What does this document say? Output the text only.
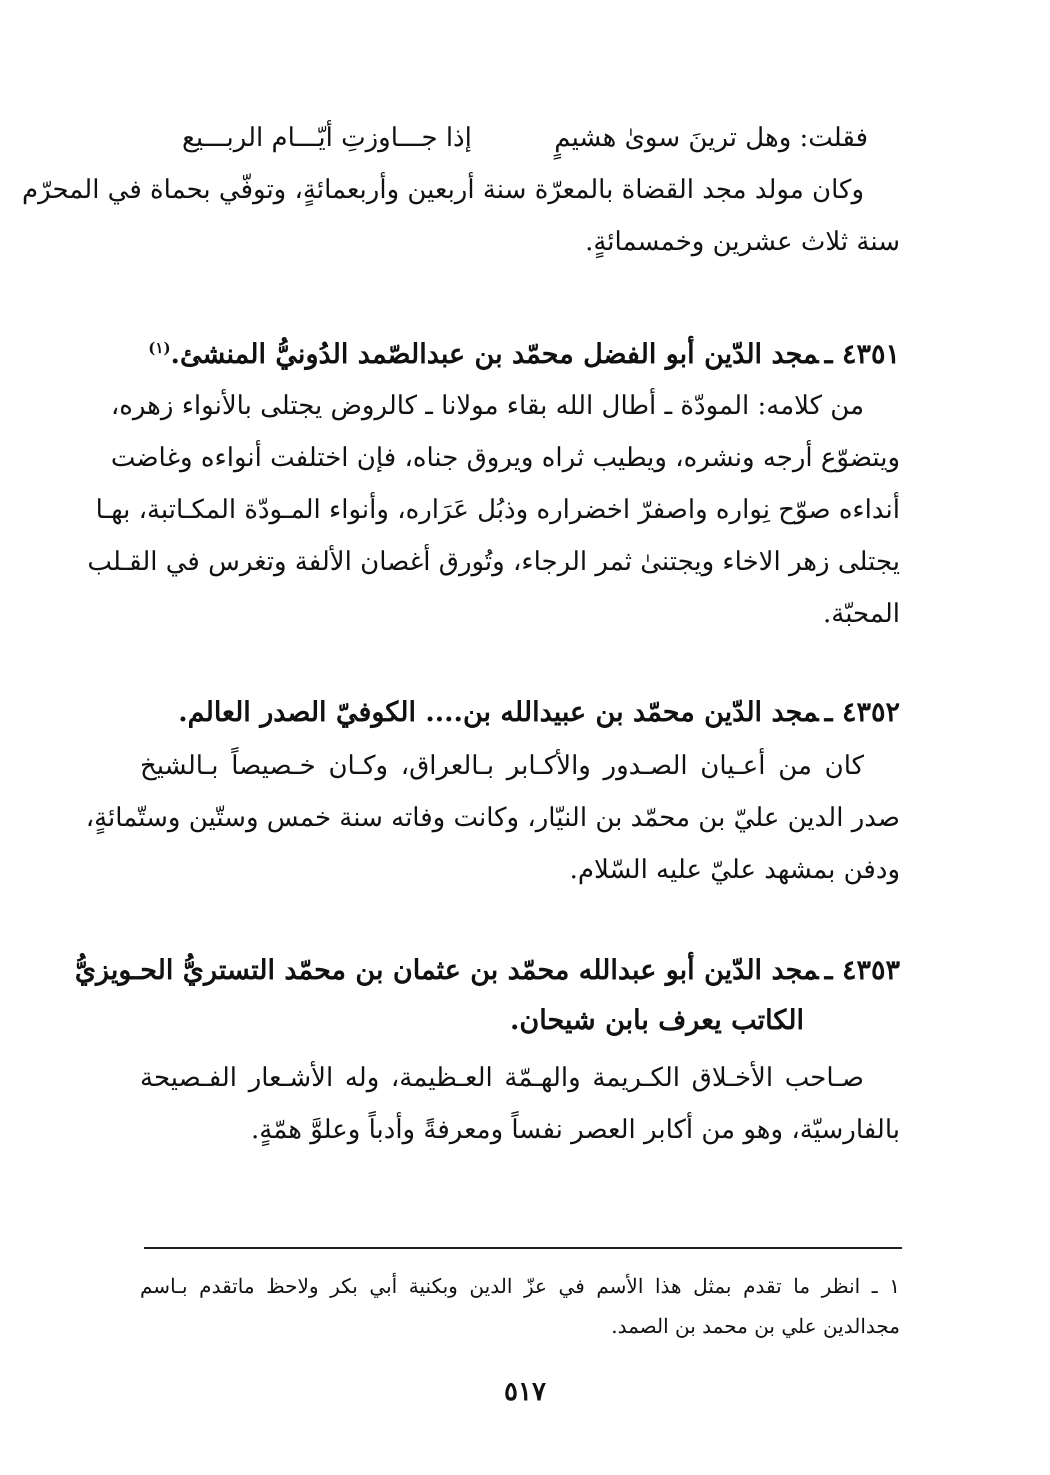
فقلت: وهل ترينَ سوىٰ هشيمٍ
إذا جـــاوزتِ أيّـــام الربـــيع
وكان مولد مجد القضاة بالمعرّة سنة أربعين وأربعمائةٍ، وتوفّي بحماة في المحرّم
سنة ثلاث عشرين وخمسمائةٍ.
٤٣٥١ ـمجد الدّين أبو الفضل محمّد بن عبدالصّمد الدُونيُّ المنشئ.$^{(١)}$
من كلامه: المودّة ـ أطال الله بقاء مولانا ـ كالروض يجتلى بالأنواء زهره،
ويتضوّع أرجه ونشره، ويطيب ثراه ويروق جناه، فإن اختلفت أنواءه وغاضت
أنداءه صوّح نِواره واصفرّ اخضراره وذبُل عَرَاره، وأنواء المـودّة المكـاتبة، بهـا
يجتلى زهر الاخاء ويجتنىٰ ثمر الرجاء، وتُورق أغصان الألفة وتغرس في القـلب
المحبّة.
٤٣٥٢ ـمجد الدّين محمّد بن عبيدالله بن.... الكوفيّ الصدر العالم.
كان من أعـيان الصـدور والأكـابر بـالعراق، وكـان خـصيصاً بـالشيخ
صدر الدين عليّ بن محمّد بن النيّار، وكانت وفاته سنة خمس وستّين وستّمائةٍ،
ودفن بمشهد عليّ عليه السّلام.
٤٣٥٣ ـمجد الدّين أبو عبدالله محمّد بن عثمان بن محمّد التستريُّ الحـويزيُّ
الكاتب يعرف بابن شيحان.
صـاحب الأخـلاق الكـريمة والهـمّة العـظيمة، وله الأشـعار الفـصيحة
بالفارسيّة، وهو من أكابر العصر نفساً ومعرفةً وأدباً وعلوَّ همّةٍ.
١ ـ انظر ما تقدم بمثل هذا الأسم في عزّ الدين وبكنية أبي بكر ولاحظ ماتقدم بـاسم
مجدالدين علي بن محمد بن الصمد.
٥١٧
